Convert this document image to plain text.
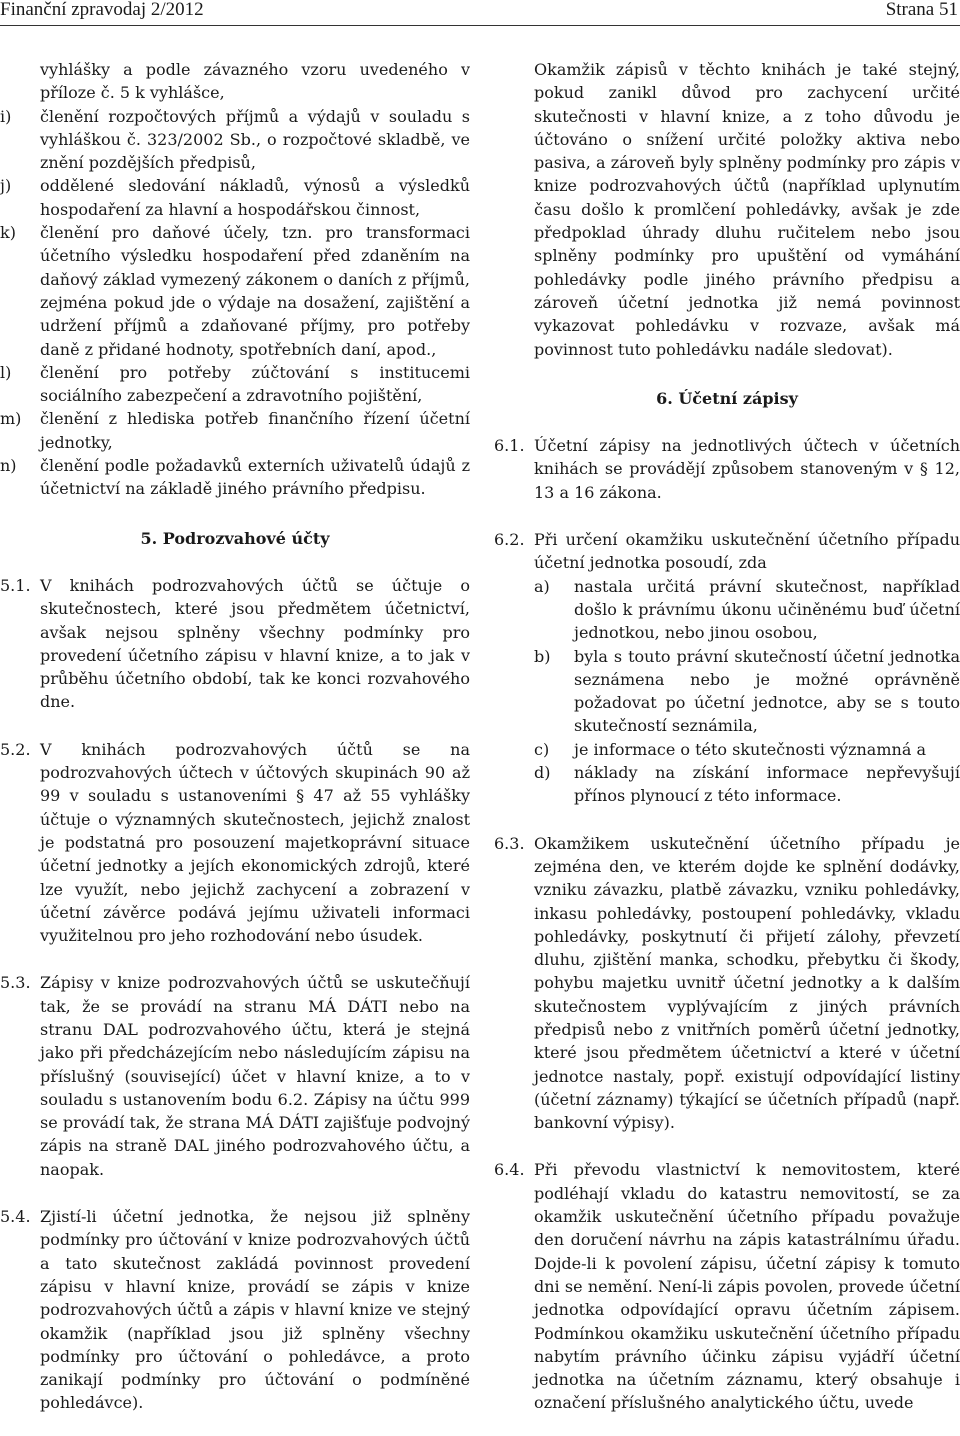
Finanční zpravodaj 2/2012	Strana 51

vyhlášky a podle závazného vzoru uvedeného v příloze č. 5 k vyhlášce,

i)	členění rozpočtových příjmů a výdajů v souladu s vyhláškou č. 323/2002 Sb., o rozpočtové skladbě, ve znění pozdějších předpisů,
j)	oddělené sledování nákladů, výnosů a výsledků hospodaření za hlavní a hospodářskou činnost,
k)	členění pro daňové účely, tzn. pro transformaci účetního výsledku hospodaření před zdaněním na daňový základ vymezený zákonem o daních z příjmů, zejména pokud jde o výdaje na dosažení, zajištění a udržení příjmů a zdaňované příjmy, pro potřeby daně z přidané hodnoty, spotřebních daní, apod.,
l)	členění pro potřeby zúčtování s institucemi sociálního zabezpečení a zdravotního pojištění,
m)	členění z hlediska potřeb finančního řízení účetní jednotky,
n)	členění podle požadavků externích uživatelů údajů z účetnictví na základě jiného právního předpisu.

5. Podrozvahové účty

5.1. V knihách podrozvahových účtů se účtuje o skutečnostech, které jsou předmětem účetnictví, avšak nejsou splněny všechny podmínky pro provedení účetního zápisu v hlavní knize, a to jak v průběhu účetního období, tak ke konci rozvahového dne.
5.2. V knihách podrozvahových účtů se na podrozvahových účtech v účtových skupinách 90 až 99 v souladu s ustanoveními § 47 až 55 vyhlášky účtuje o významných skutečnostech, jejichž znalost je podstatná pro posouzení majetkoprávní situace účetní jednotky a jejích ekonomických zdrojů, které lze využít, nebo jejichž zachycení a zobrazení v účetní závěrce podává jejímu uživateli informaci využitelnou pro jeho rozhodování nebo úsudek.
5.3. Zápisy v knize podrozvahových účtů se uskutečňují tak, že se provádí na stranu MÁ DÁTI nebo na stranu DAL podrozvahového účtu, která je stejná jako při předcházejícím nebo následujícím zápisu na příslušný (související) účet v hlavní knize, a to v souladu s ustanovením bodu 6.2. Zápisy na účtu 999 se provádí tak, že strana MÁ DÁTI zajišťuje podvojný zápis na straně DAL jiného podrozvahového účtu, a naopak.
5.4. Zjistí-li účetní jednotka, že nejsou již splněny podmínky pro účtování v knize podrozvahových účtů a tato skutečnost zakládá povinnost provedení zápisu v hlavní knize, provádí se zápis v knize podrozvahových účtů a zápis v hlavní knize ve stejný okamžik (například jsou již splněny všechny podmínky pro účtování o pohledávce, a proto zanikají podmínky pro účtování o podmíněné pohledávce).

Okamžik zápisů v těchto knihách je také stejný, pokud zanikl důvod pro zachycení určité skutečnosti v hlavní knize, a z toho důvodu je účtováno o snížení určité položky aktiva nebo pasiva, a zároveň byly splněny podmínky pro zápis v knize podrozvahových účtů (například uplynutím času došlo k promlčení pohledávky, avšak je zde předpoklad úhrady dluhu ručitelem nebo jsou splněny podmínky pro upuštění od vymáhání pohledávky podle jiného právního předpisu a zároveň účetní jednotka již nemá povinnost vykazovat pohledávku v rozvaze, avšak má povinnost tuto pohledávku nadále sledovat).

6. Účetní zápisy

6.1. Účetní zápisy na jednotlivých účtech v účetních knihách se provádějí způsobem stanoveným v § 12, 13 a 16 zákona.
6.2. Při určení okamžiku uskutečnění účetního případu účetní jednotka posoudí, zda
a)	nastala určitá právní skutečnost, například došlo k právnímu úkonu učiněnému buď účetní jednotkou, nebo jinou osobou,
b)	byla s touto právní skutečností účetní jednotka seznámena nebo je možné oprávněně požadovat po účetní jednotce, aby se s touto skutečností seznámila,
c)	je informace o této skutečnosti významná a
d)	náklady na získání informace nepřevyšují přínos plynoucí z této informace.
6.3. Okamžikem uskutečnění účetního případu je zejména den, ve kterém dojde ke splnění dodávky, vzniku závazku, platbě závazku, vzniku pohledávky, inkasu pohledávky, postoupení pohledávky, vkladu pohledávky, poskytnutí či přijetí zálohy, převzetí dluhu, zjištění manka, schodku, přebytku či škody, pohybu majetku uvnitř účetní jednotky a k dalším skutečnostem vyplývajícím z jiných právních předpisů nebo z vnitřních poměrů účetní jednotky, které jsou předmětem účetnictví a které v účetní jednotce nastaly, popř. existují odpovídající listiny (účetní záznamy) týkající se účetních případů (např. bankovní výpisy).
6.4. Při převodu vlastnictví k nemovitostem, které podléhají vkladu do katastru nemovitostí, se za okamžik uskutečnění účetního případu považuje den doručení návrhu na zápis katastrálnímu úřadu. Dojde-li k povolení zápisu, účetní zápisy k tomuto dni se nemění. Není-li zápis povolen, provede účetní jednotka odpovídající opravu účetním zápisem. Podmínkou okamžiku uskutečnění účetního případu nabytím právního účinku zápisu vyjádří účetní jednotka na účetním záznamu, který obsahuje i označení příslušného analytického účtu, uvede
